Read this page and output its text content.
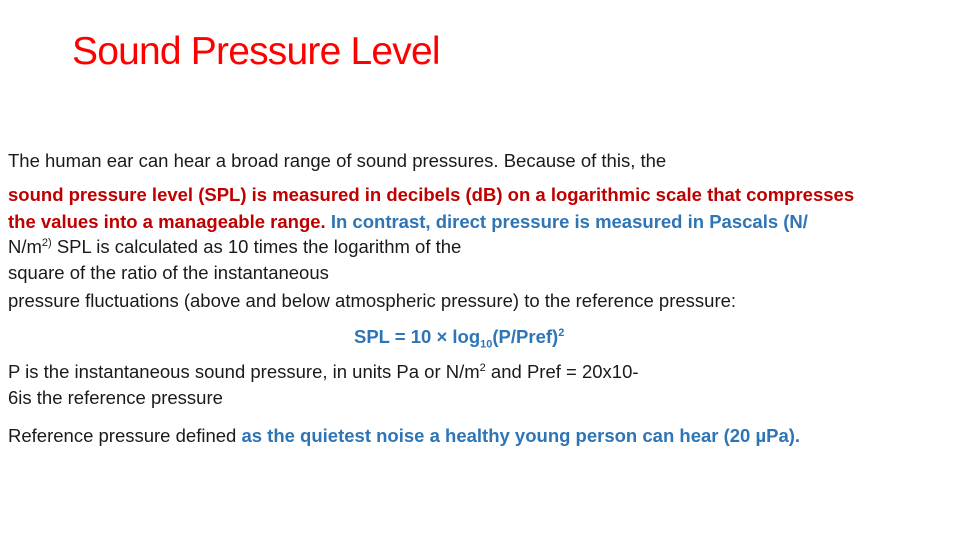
Sound Pressure Level
The human ear can hear a broad range of sound pressures. Because of this, the
sound pressure level (SPL) is measured in decibels (dB) on a logarithmic scale that compresses
the values into a manageable range. In contrast, direct pressure is measured in Pascals (N/
$N/m^{2)}$ SPL is calculated as 10 times the logarithm of the
square of the ratio of the instantaneous
pressure fluctuations (above and below atmospheric pressure) to the reference pressure:
SPL = $10 \times \log_{10}(P/Pref)^2$
P is the instantaneous sound pressure, in units Pa or $N/m^2$ and Pref = 20x10-
6is the reference pressure
Reference pressure defined as the quietest noise a healthy young person can hear (20 µPa).
